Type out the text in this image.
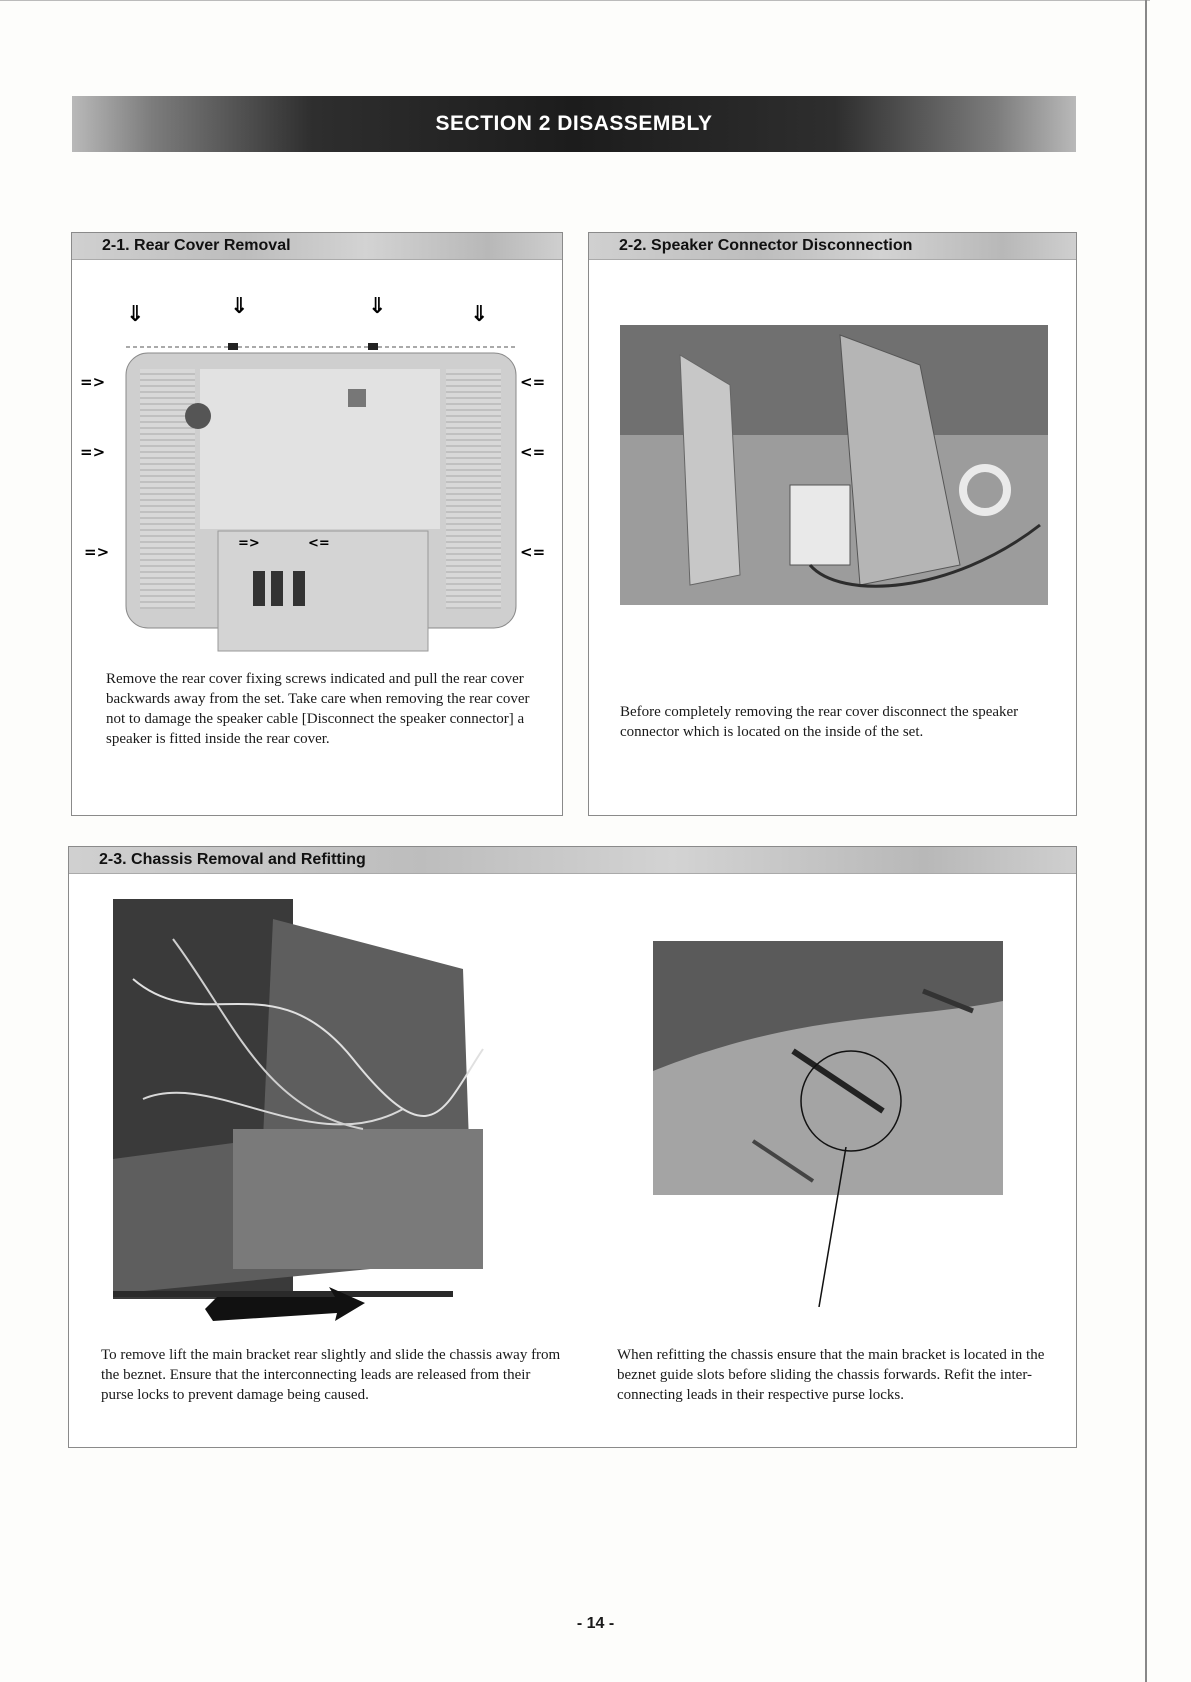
SECTION 2 DISASSEMBLY
2-1. Rear Cover Removal
⇓	⇓	⇓	⇓
=>
=>
=>
<=
<=
<=
=>	<=
Remove the rear cover fixing screws indicated and pull the rear cover backwards away from the set. Take care when removing the rear cover not to damage the speaker cable [Disconnect the speaker connector] a speaker is fitted inside the rear cover.
2-2. Speaker Connector Disconnection
Before completely removing the rear cover disconnect the speaker connector which is located on the inside of the set.
2-3. Chassis Removal and Refitting
To remove lift the main bracket rear slightly and slide the chassis away from the beznet. Ensure that the interconnecting leads are released from their purse locks to prevent damage being caused.
When refitting the chassis ensure that the main bracket is located in the beznet guide slots before sliding the chassis forwards. Refit the inter-connecting leads in their respective purse locks.
- 14 -
